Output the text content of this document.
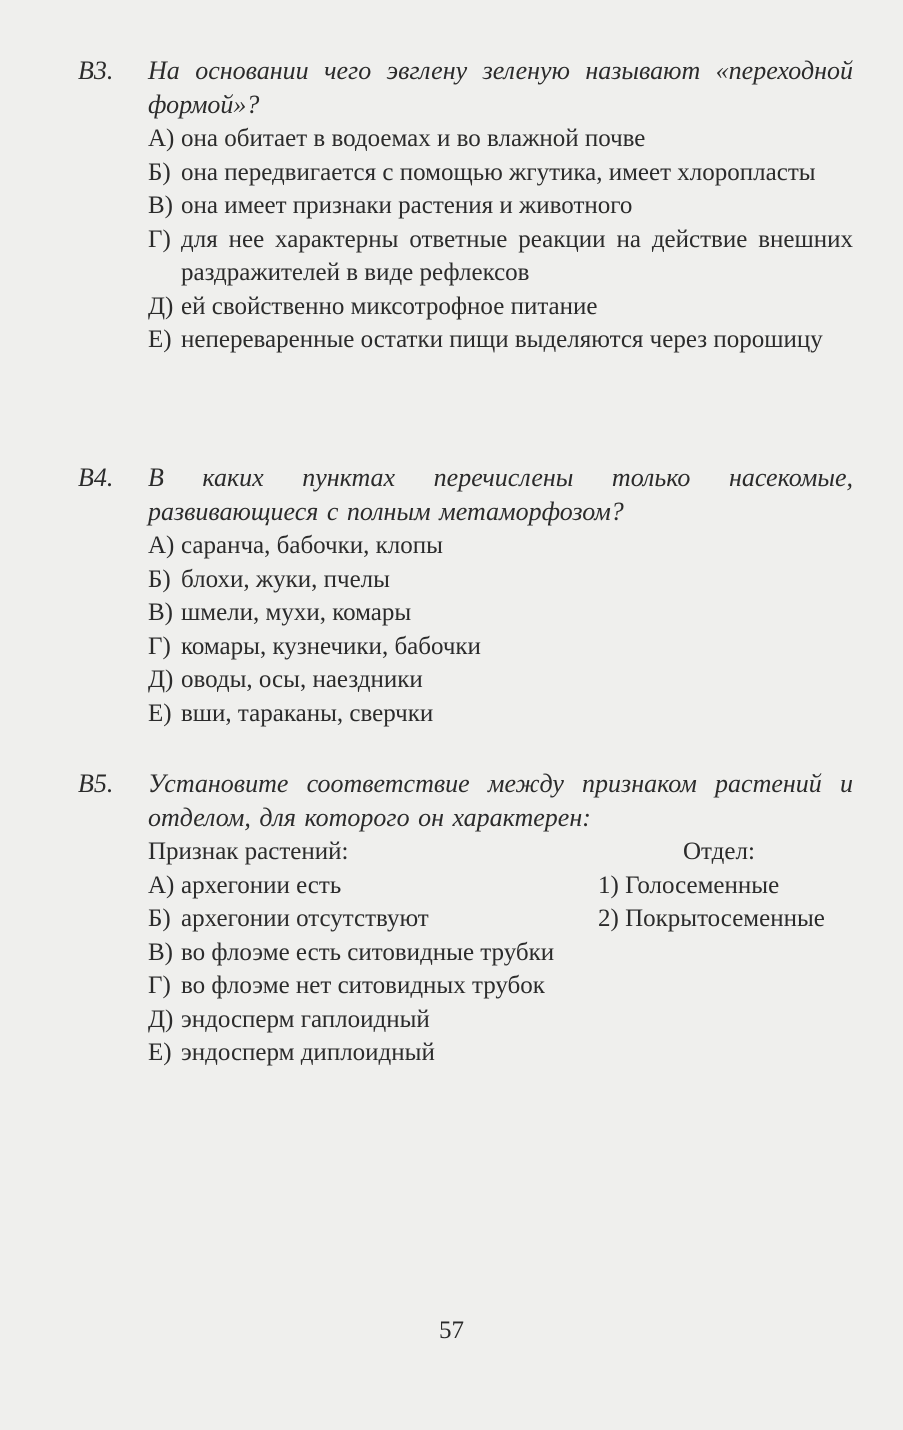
В3. На основании чего эвглену зеленую называют «переходной формой»?
А) она обитает в водоемах и во влажной почве
Б) она передвигается с помощью жгутика, имеет хлоропласты
В) она имеет признаки растения и животного
Г) для нее характерны ответные реакции на действие внешних раздражителей в виде рефлексов
Д) ей свойственно миксотрофное питание
Е) непереваренные остатки пищи выделяются через порошицу
В4. В каких пунктах перечислены только насекомые, развивающиеся с полным метаморфозом?
А) саранча, бабочки, клопы
Б) блохи, жуки, пчелы
В) шмели, мухи, комары
Г) комары, кузнечики, бабочки
Д) оводы, осы, наездники
Е) вши, тараканы, сверчки
В5. Установите соответствие между признаком растений и отделом, для которого он характерен:
Признак растений:	Отдел:
А) архегонии есть	1) Голосеменные
Б) архегонии отсутствуют	2) Покрытосеменные
В) во флоэме есть ситовидные трубки
Г) во флоэме нет ситовидных трубок
Д) эндосперм гаплоидный
Е) эндосперм диплоидный
57
